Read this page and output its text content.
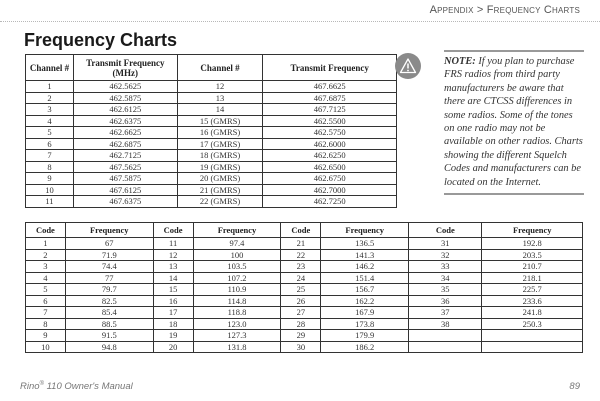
Appendix > Frequency Charts
Frequency Charts
Channel #	Transmit Frequency (MHz)	Channel #	Transmit Frequency
1	462.5625	12	467.6625
2	462.5875	13	467.6875
3	462.6125	14	467.7125
4	462.6375	15 (GMRS)	462.5500
5	462.6625	16 (GMRS)	462.5750
6	462.6875	17 (GMRS)	462.6000
7	462.7125	18 (GMRS)	462.6250
8	467.5625	19 (GMRS)	462.6500
9	467.5875	20 (GMRS)	462.6750
10	467.6125	21 (GMRS)	462.7000
11	467.6375	22 (GMRS)	462.7250

NOTE: If you plan to purchase FRS radios from third party manufacturers be aware that there are CTCSS differences in some radios. Some of the tones on one radio may not be available on other radios. Charts showing the different Squelch Codes and manufacturers can be located on the Internet.

Code	Frequency	Code	Frequency	Code	Frequency	Code	Frequency
1	67	11	97.4	21	136.5	31	192.8
2	71.9	12	100	22	141.3	32	203.5
3	74.4	13	103.5	23	146.2	33	210.7
4	77	14	107.2	24	151.4	34	218.1
5	79.7	15	110.9	25	156.7	35	225.7
6	82.5	16	114.8	26	162.2	36	233.6
7	85.4	17	118.8	27	167.9	37	241.8
8	88.5	18	123.0	28	173.8	38	250.3
9	91.5	19	127.3	29	179.9		
10	94.8	20	131.8	30	186.2		
Rino® 110 Owner's Manual	89
